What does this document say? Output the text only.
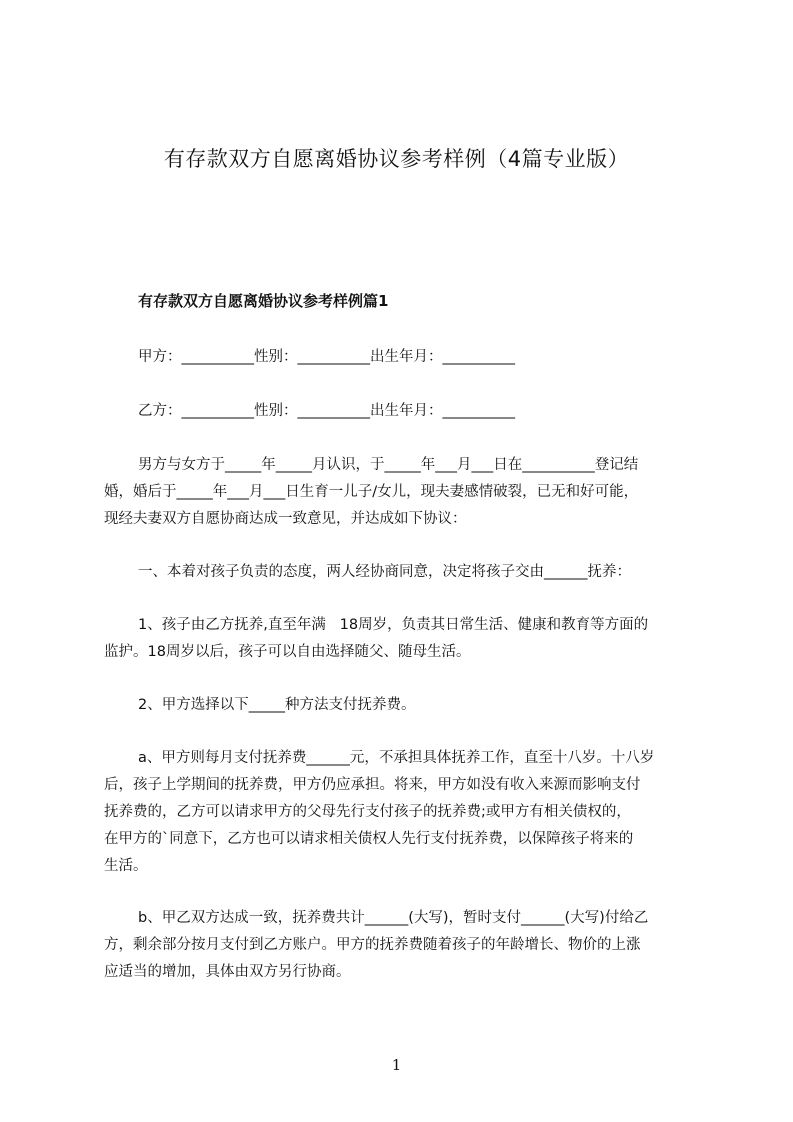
有存款双方自愿离婚协议参考样例（4篇专业版）
有存款双方自愿离婚协议参考样例篇1

甲方：__________性别：__________出生年月：__________

乙方：__________性别：__________出生年月：__________

男方与女方于_____年_____月认识，于_____年___月___日在__________登记结

婚，婚后于_____年___月___日生育一儿子/女儿，现夫妻感情破裂，已无和好可能，

现经夫妻双方自愿协商达成一致意见，并达成如下协议：

一、本着对孩子负责的态度，两人经协商同意，决定将孩子交由______抚养：

1、孩子由乙方抚养,直至年满   18周岁，负责其日常生活、健康和教育等方面的

监护。18周岁以后，孩子可以自由选择随父、随母生活。

2、甲方选择以下_____种方法支付抚养费。

a、甲方则每月支付抚养费______元，不承担具体抚养工作，直至十八岁。十八岁

后，孩子上学期间的抚养费，甲方仍应承担。将来，甲方如没有收入来源而影响支付

抚养费的，乙方可以请求甲方的父母先行支付孩子的抚养费;或甲方有相关债权的，

在甲方的`同意下，乙方也可以请求相关债权人先行支付抚养费，以保障孩子将来的

生活。

b、甲乙双方达成一致，抚养费共计______(大写)，暂时支付______(大写)付给乙

方，剩余部分按月支付到乙方账户。甲方的抚养费随着孩子的年龄增长、物价的上涨

应适当的增加，具体由双方另行协商。

1
